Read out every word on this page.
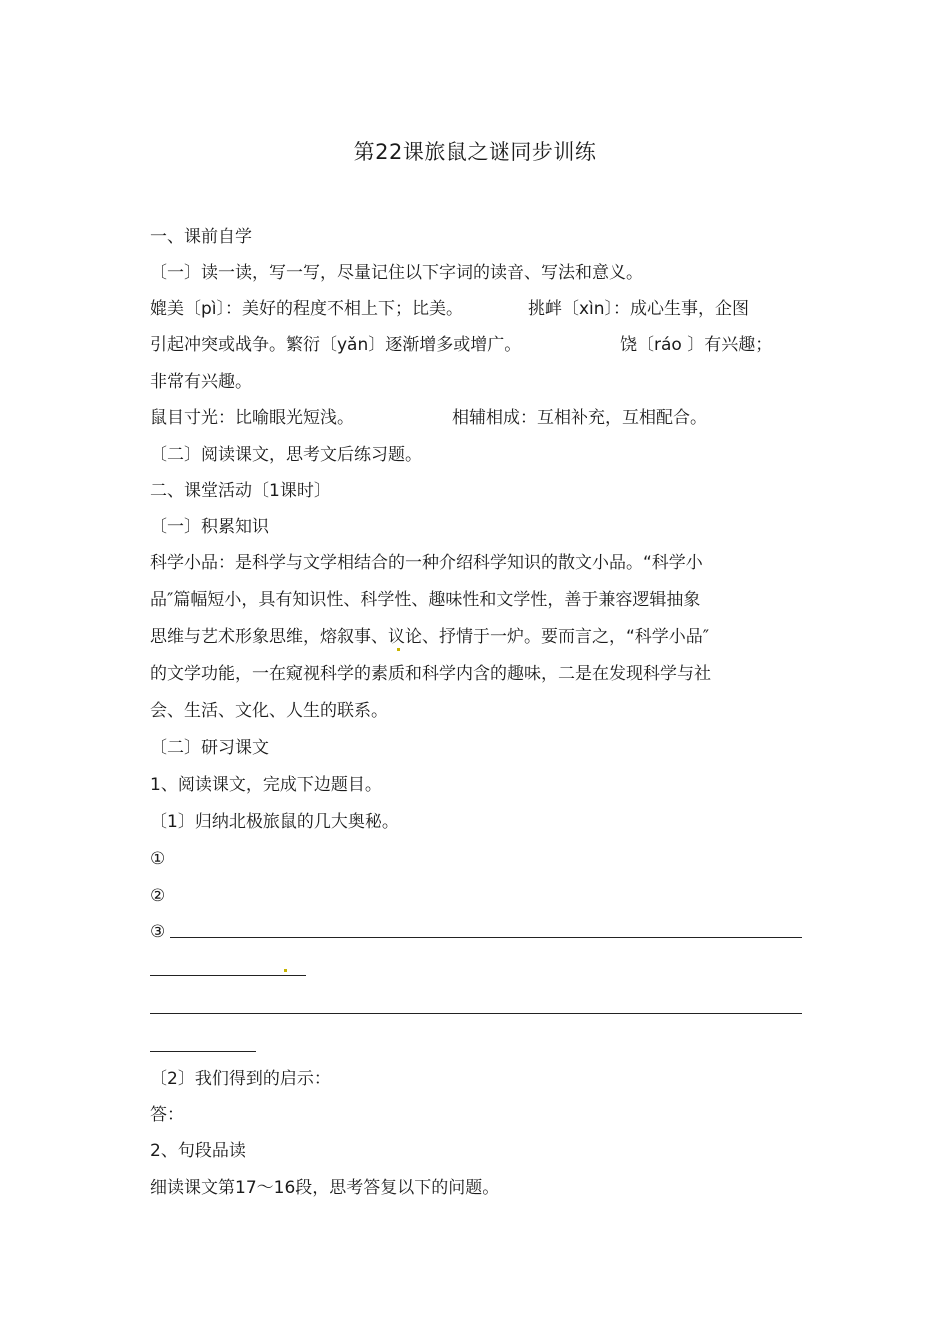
第22课旅鼠之谜同步训练
一、课前自学
〔一〕读一读，写一写，尽量记住以下字词的读音、写法和意义。
媲美〔pì〕：美好的程度不相上下；比美。	挑衅〔xìn〕：成心生事，企图
引起冲突或战争。繁衍〔yǎn〕逐渐增多或增广。	饶〔ráo 〕有兴趣；
非常有兴趣。
鼠目寸光：比喻眼光短浅。	相辅相成：互相补充，互相配合。
〔二〕阅读课文，思考文后练习题。
二、课堂活动〔1课时〕
〔一〕积累知识
科学小品：是科学与文学相结合的一种介绍科学知识的散文小品。“科学小
品″篇幅短小，具有知识性、科学性、趣味性和文学性，善于兼容逻辑抽象
思维与艺术形象思维，熔叙事、议论、抒情于一炉。要而言之，“科学小品″
的文学功能，一在窥视科学的素质和科学内含的趣味，二是在发现科学与社
会、生活、文化、人生的联系。
〔二〕研习课文
1、阅读课文，完成下边题目。
〔1〕归纳北极旅鼠的几大奥秘。
①
②
③
〔2〕我们得到的启示：
答：
2、句段品读
细读课文第17～16段，思考答复以下的问题。
